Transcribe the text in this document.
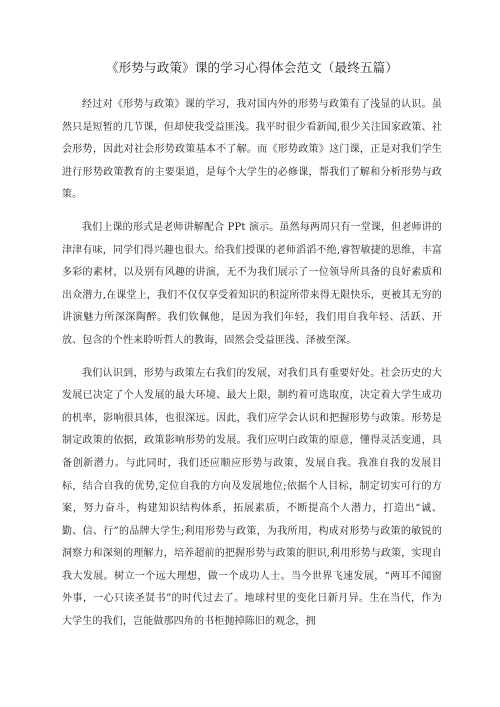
《形势与政策》课的学习心得体会范文（最终五篇）

经过对《形势与政策》课的学习，我对国内外的形势与政策有了浅显的认识。虽然只是短暂的几节课，但却使我受益匪浅。我平时很少看新闻,很少关注国家政策、社会形势，因此对社会形势政策基本不了解。而《形势政策》这门课，正是对我们学生进行形势政策教育的主要渠道，是每个大学生的必修课，帮我们了解和分析形势与政策。

我们上课的形式是老师讲解配合 PPt 演示。虽然每两周只有一堂课，但老师讲的津津有味，同学们得兴趣也很大。给我们授课的老师滔滔不绝,睿智敏捷的思维，丰富多彩的素材，以及别有风趣的讲演，无不为我们展示了一位领导所具备的良好素质和出众潜力,在课堂上，我们不仅仅享受着知识的积淀所带来得无限快乐，更被其无穷的讲演魅力所深深陶醉。我们钦佩他，是因为我们年轻，我们用自我年轻、活跃、开放、包含的个性来聆听哲人的教诲，固然会受益匪浅、泽被至深。

我们认识到，形势与政策左右我们的发展，对我们具有重要好处。社会历史的大发展已决定了个人发展的最大环境、最大上限，制约着可选取度，决定着大学生成功的机率，影响很具体，也很深远。因此，我们应学会认识和把握形势与政策。形势是制定政策的依据，政策影响形势的发展。我们应明白政策的原意，懂得灵活变通，具备创新潜力。与此同时，我们还应顺应形势与政策，发展自我。我准自我的发展目标，结合自我的优势,定位自我的方向及发展地位;依据个人目标，制定切实可行的方案，努力奋斗，构建知识结构体系，拓展素质，不断提高个人潜力，打造出“诚、勤、信、行”的品牌大学生;利用形势与政策，为我所用，构成对形势与政策的敏锐的洞察力和深刻的理解力，培养超前的把握形势与政策的胆识,利用形势与政策，实现自我大发展。树立一个远大理想，做一个成功人士。当今世界飞速发展，“两耳不闻窗外事，一心只读圣贤书”的时代过去了。地球村里的变化日新月异。生在当代，作为大学生的我们，岂能做那四角的书柜抛掉陈旧的观念，拥
